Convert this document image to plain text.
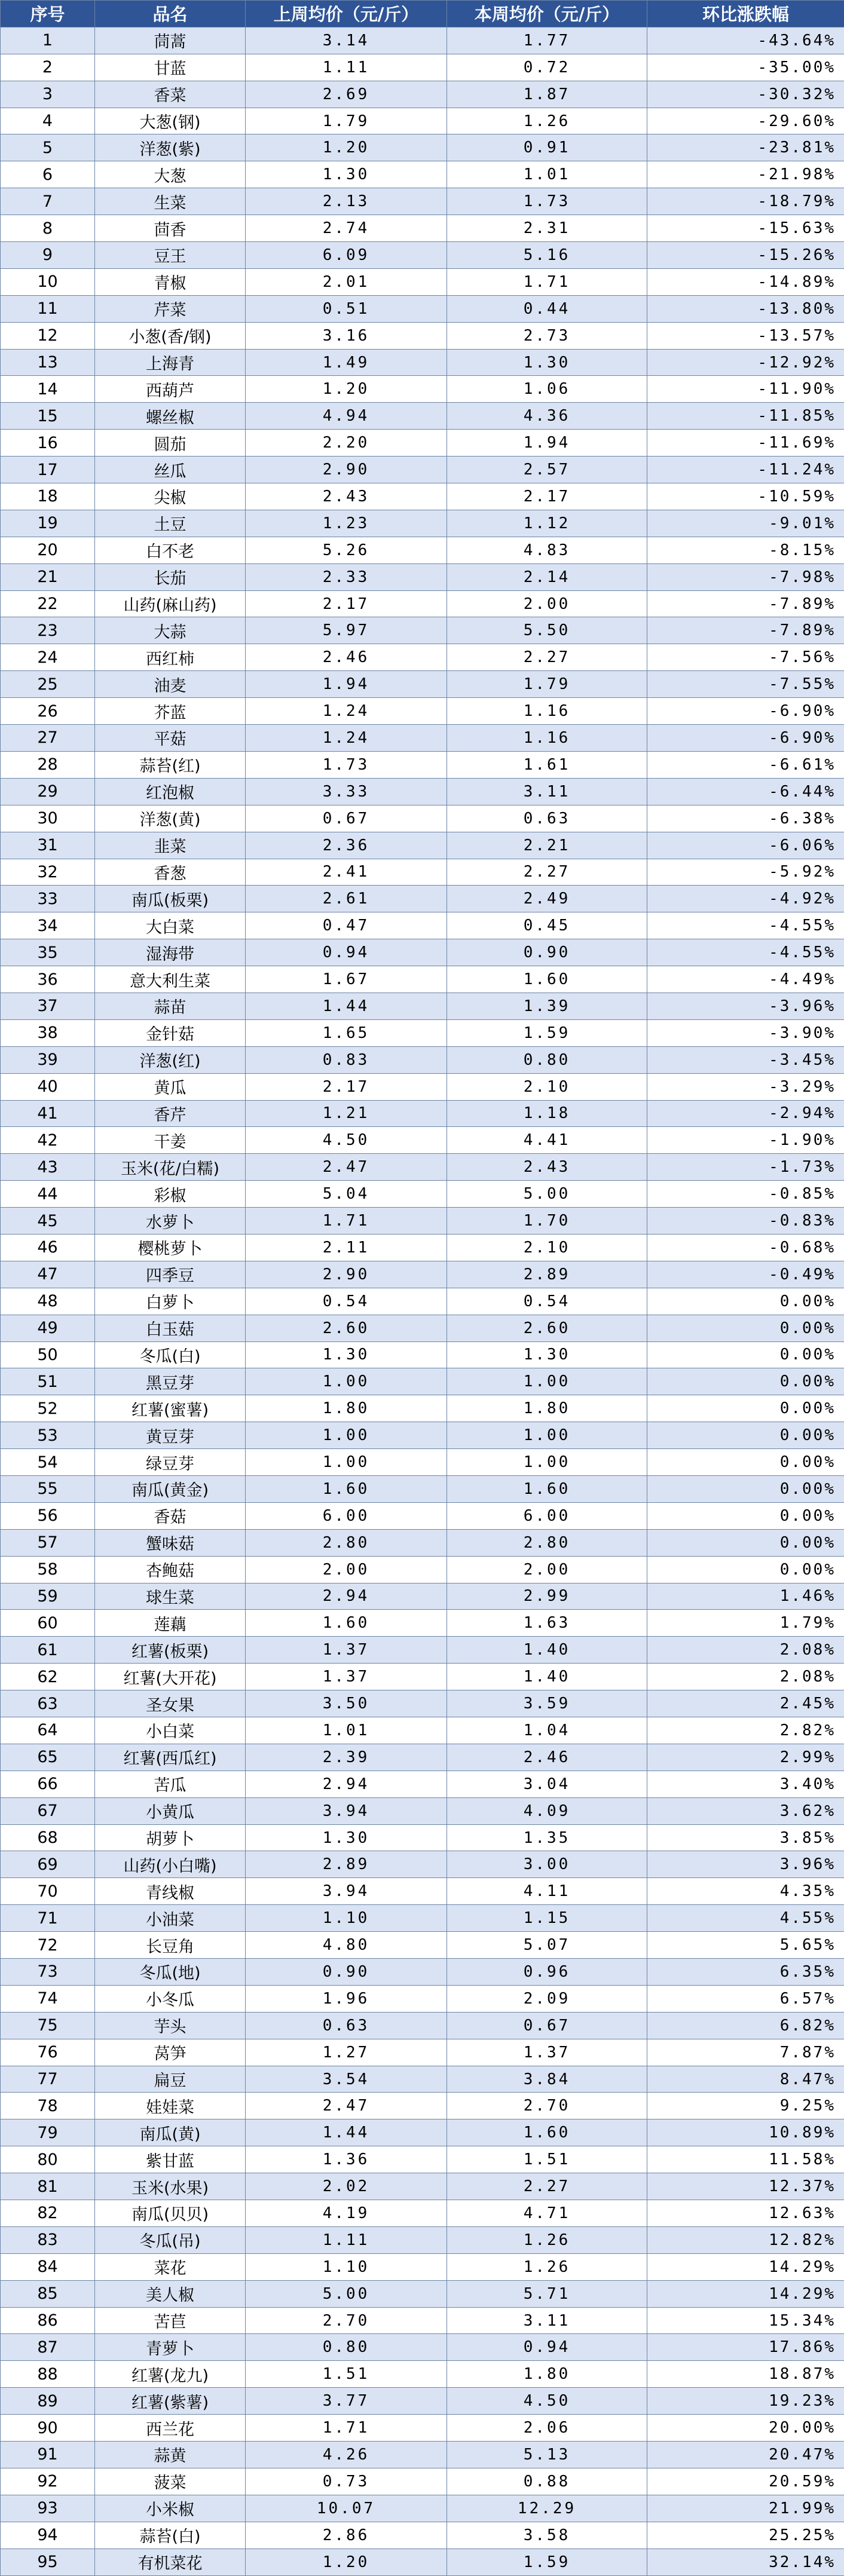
序号	品名	上周均价（元/斤）	本周均价（元/斤）	环比涨跌幅
1	茼蒿	3.14	1.77	-43.64%
2	甘蓝	1.11	0.72	-35.00%
3	香菜	2.69	1.87	-30.32%
4	大葱(钢)	1.79	1.26	-29.60%
5	洋葱(紫)	1.20	0.91	-23.81%
6	大葱	1.30	1.01	-21.98%
7	生菜	2.13	1.73	-18.79%
8	茴香	2.74	2.31	-15.63%
9	豆王	6.09	5.16	-15.26%
10	青椒	2.01	1.71	-14.89%
11	芹菜	0.51	0.44	-13.80%
12	小葱(香/钢)	3.16	2.73	-13.57%
13	上海青	1.49	1.30	-12.92%
14	西葫芦	1.20	1.06	-11.90%
15	螺丝椒	4.94	4.36	-11.85%
16	圆茄	2.20	1.94	-11.69%
17	丝瓜	2.90	2.57	-11.24%
18	尖椒	2.43	2.17	-10.59%
19	土豆	1.23	1.12	-9.01%
20	白不老	5.26	4.83	-8.15%
21	长茄	2.33	2.14	-7.98%
22	山药(麻山药)	2.17	2.00	-7.89%
23	大蒜	5.97	5.50	-7.89%
24	西红柿	2.46	2.27	-7.56%
25	油麦	1.94	1.79	-7.55%
26	芥蓝	1.24	1.16	-6.90%
27	平菇	1.24	1.16	-6.90%
28	蒜苔(红)	1.73	1.61	-6.61%
29	红泡椒	3.33	3.11	-6.44%
30	洋葱(黄)	0.67	0.63	-6.38%
31	韭菜	2.36	2.21	-6.06%
32	香葱	2.41	2.27	-5.92%
33	南瓜(板栗)	2.61	2.49	-4.92%
34	大白菜	0.47	0.45	-4.55%
35	湿海带	0.94	0.90	-4.55%
36	意大利生菜	1.67	1.60	-4.49%
37	蒜苗	1.44	1.39	-3.96%
38	金针菇	1.65	1.59	-3.90%
39	洋葱(红)	0.83	0.80	-3.45%
40	黄瓜	2.17	2.10	-3.29%
41	香芹	1.21	1.18	-2.94%
42	干姜	4.50	4.41	-1.90%
43	玉米(花/白糯)	2.47	2.43	-1.73%
44	彩椒	5.04	5.00	-0.85%
45	水萝卜	1.71	1.70	-0.83%
46	樱桃萝卜	2.11	2.10	-0.68%
47	四季豆	2.90	2.89	-0.49%
48	白萝卜	0.54	0.54	0.00%
49	白玉菇	2.60	2.60	0.00%
50	冬瓜(白)	1.30	1.30	0.00%
51	黑豆芽	1.00	1.00	0.00%
52	红薯(蜜薯)	1.80	1.80	0.00%
53	黄豆芽	1.00	1.00	0.00%
54	绿豆芽	1.00	1.00	0.00%
55	南瓜(黄金)	1.60	1.60	0.00%
56	香菇	6.00	6.00	0.00%
57	蟹味菇	2.80	2.80	0.00%
58	杏鲍菇	2.00	2.00	0.00%
59	球生菜	2.94	2.99	1.46%
60	莲藕	1.60	1.63	1.79%
61	红薯(板栗)	1.37	1.40	2.08%
62	红薯(大开花)	1.37	1.40	2.08%
63	圣女果	3.50	3.59	2.45%
64	小白菜	1.01	1.04	2.82%
65	红薯(西瓜红)	2.39	2.46	2.99%
66	苦瓜	2.94	3.04	3.40%
67	小黄瓜	3.94	4.09	3.62%
68	胡萝卜	1.30	1.35	3.85%
69	山药(小白嘴)	2.89	3.00	3.96%
70	青线椒	3.94	4.11	4.35%
71	小油菜	1.10	1.15	4.55%
72	长豆角	4.80	5.07	5.65%
73	冬瓜(地)	0.90	0.96	6.35%
74	小冬瓜	1.96	2.09	6.57%
75	芋头	0.63	0.67	6.82%
76	莴笋	1.27	1.37	7.87%
77	扁豆	3.54	3.84	8.47%
78	娃娃菜	2.47	2.70	9.25%
79	南瓜(黄)	1.44	1.60	10.89%
80	紫甘蓝	1.36	1.51	11.58%
81	玉米(水果)	2.02	2.27	12.37%
82	南瓜(贝贝)	4.19	4.71	12.63%
83	冬瓜(吊)	1.11	1.26	12.82%
84	菜花	1.10	1.26	14.29%
85	美人椒	5.00	5.71	14.29%
86	苦苣	2.70	3.11	15.34%
87	青萝卜	0.80	0.94	17.86%
88	红薯(龙九)	1.51	1.80	18.87%
89	红薯(紫薯)	3.77	4.50	19.23%
90	西兰花	1.71	2.06	20.00%
91	蒜黄	4.26	5.13	20.47%
92	菠菜	0.73	0.88	20.59%
93	小米椒	10.07	12.29	21.99%
94	蒜苔(白)	2.86	3.58	25.25%
95	有机菜花	1.20	1.59	32.14%
